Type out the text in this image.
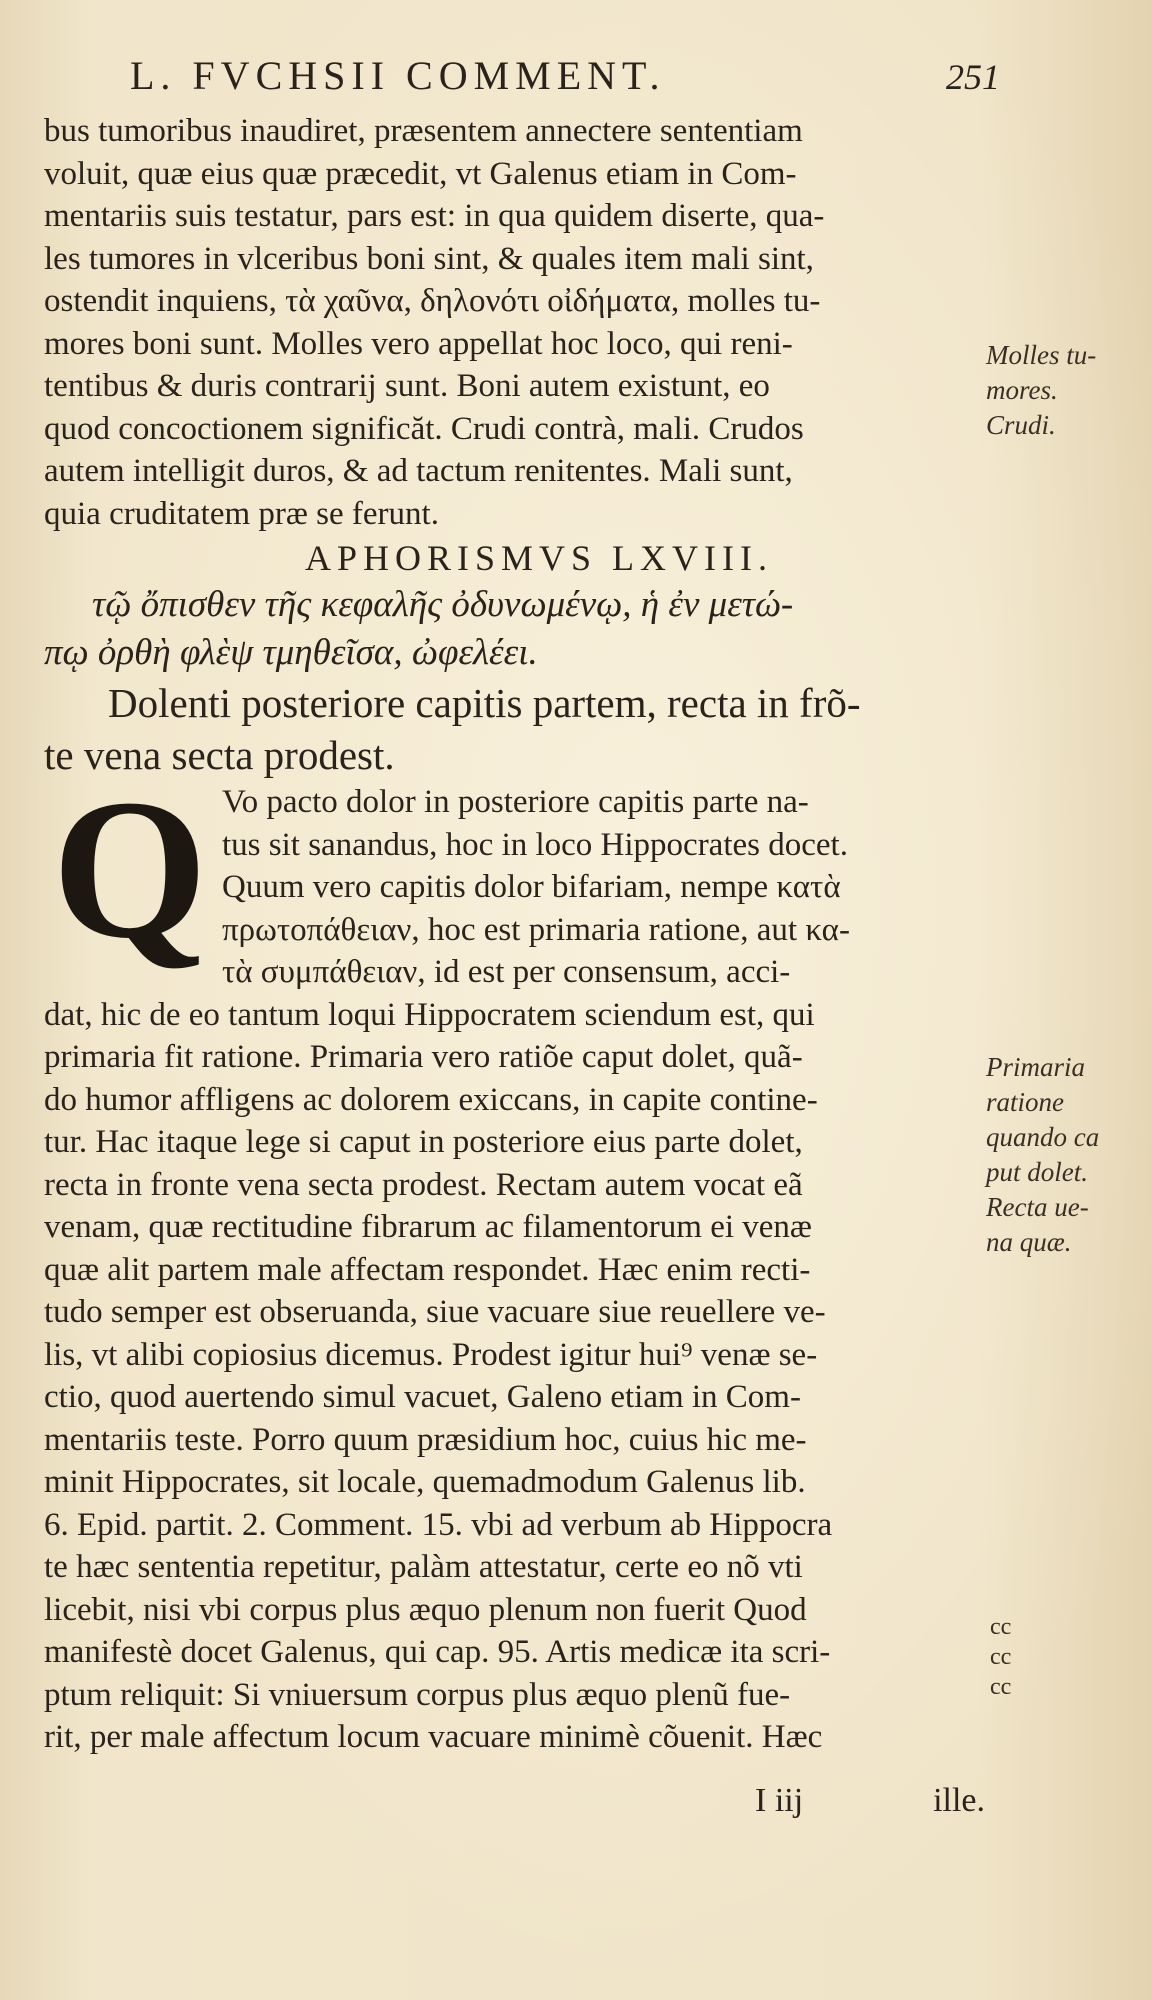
L. FVCHSII COMMENT.	251
bus tumoribus inaudiret, præsentem annectere sententiam
voluit, quæ eius quæ præcedit, vt Galenus etiam in Com-
mentariis suis testatur, pars est: in qua quidem diserte, qua-
les tumores in vlceribus boni sint, & quales item mali sint,
ostendit inquiens, τὰ χαῦνα, δηλονότι οἰδήματα, molles tu-
mores boni sunt. Molles vero appellat hoc loco, qui reni-
tentibus & duris contrarij sunt. Boni autem existunt, eo
quod concoctionem significăt. Crudi contrà, mali. Crudos
autem intelligit duros, & ad tactum renitentes. Mali sunt,
quia cruditatem præ se ferunt.
APHORISMVS LXVIII.
τῷ ὄπισθεν τῆς κεφαλῆς ὀδυνωμένῳ, ἡ ἐν μετώ-
πῳ ὀρθὴ φλὲψ τμηθεῖσα, ὠφελέει.
Dolenti posteriore capitis partem, recta in frõ-
te vena secta prodest.
Q Vo pacto dolor in posteriore capitis parte na-
tus sit sanandus, hoc in loco Hippocrates docet.
Quum vero capitis dolor bifariam, nempe κατὰ
πρωτοπάθειαν, hoc est primaria ratione, aut κα-
τὰ συμπάθειαν, id est per consensum, acci-
dat, hic de eo tantum loqui Hippocratem sciendum est, qui
primaria fit ratione. Primaria vero ratiõe caput dolet, quã-
do humor affligens ac dolorem exiccans, in capite contine-
tur. Hac itaque lege si caput in posteriore eius parte dolet,
recta in fronte vena secta prodest. Rectam autem vocat eã
venam, quæ rectitudine fibrarum ac filamentorum ei venæ
quæ alit partem male affectam respondet. Hæc enim recti-
tudo semper est obseruanda, siue vacuare siue reuellere ve-
lis, vt alibi copiosius dicemus. Prodest igitur hui⁹ venæ se-
ctio, quod auertendo simul vacuet, Galeno etiam in Com-
mentariis teste. Porro quum præsidium hoc, cuius hic me-
minit Hippocrates, sit locale, quemadmodum Galenus lib.
6. Epid. partit. 2. Comment. 15. vbi ad verbum ab Hippocra
te hæc sententia repetitur, palàm attestatur, certe eo nõ vti
licebit, nisi vbi corpus plus æquo plenum non fuerit Quod
manifestè docet Galenus, qui cap. 95. Artis medicæ ita scri-
ptum reliquit: Si vniuersum corpus plus æquo plenũ fue-
rit, per male affectum locum vacuare minimè cõuenit. Hæc
Molles tu-
mores.
Crudi.
Primaria
ratione
quando ca
put dolet.
Recta ue-
na quæ.
cc
cc
cc
I iij	ille.
